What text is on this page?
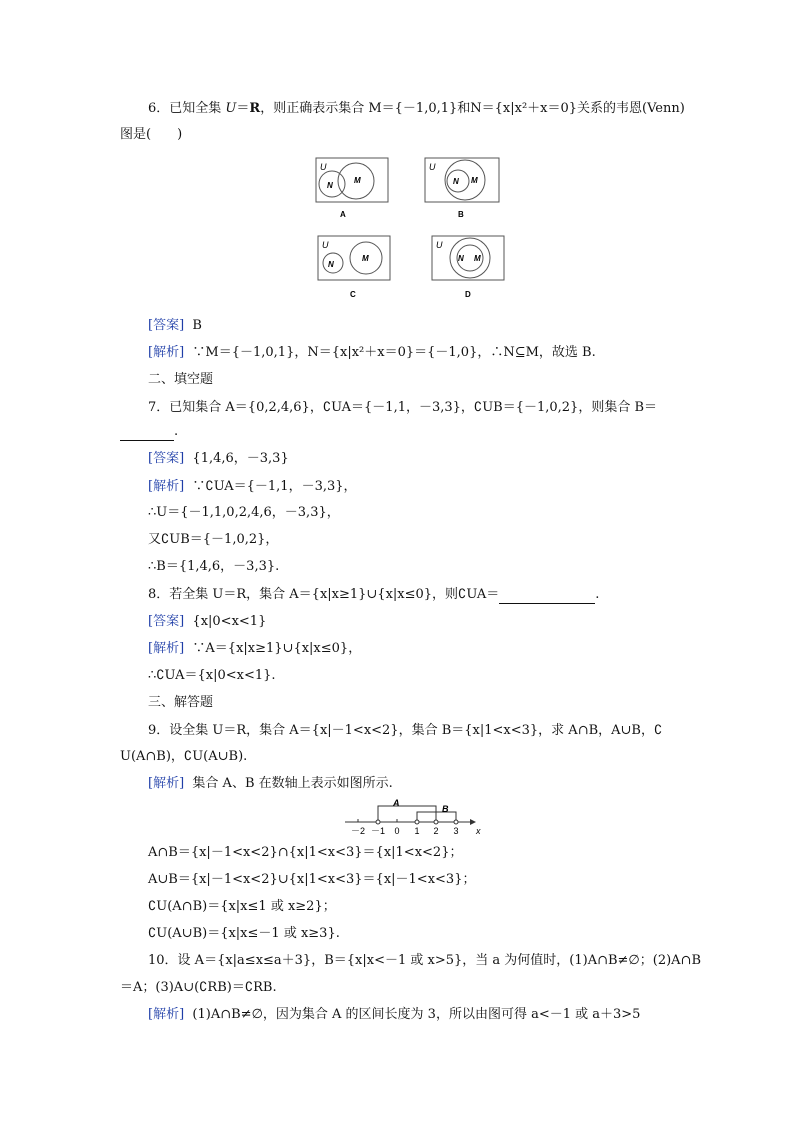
6．已知全集 U＝R，则正确表示集合 M＝{－1,0,1}和N＝{x|x²＋x＝0}关系的韦恩(Venn)
图是(　　)
U
N
M
A
U
N M
B
U
N
M
C
U
N M
D
[答案] B
[解析] ∵M＝{－1,0,1}，N＝{x|x²＋x＝0}＝{－1,0}，∴N⊆M，故选 B.
二、填空题
7．已知集合 A＝{0,2,4,6}，∁UA＝{－1,1，－3,3}，∁UB＝{－1,0,2}，则集合 B＝
.
[答案] {1,4,6，－3,3}
[解析] ∵∁UA＝{－1,1，－3,3}，
∴U＝{－1,1,0,2,4,6，－3,3}，
又∁UB＝{－1,0,2}，
∴B＝{1,4,6，－3,3}.
8．若全集 U＝R，集合 A＝{x|x≥1}∪{x|x≤0}，则∁UA＝	.
[答案] {x|0<x<1}
[解析] ∵A＝{x|x≥1}∪{x|x≤0}，
∴∁UA＝{x|0<x<1}.
三、解答题
9．设全集 U＝R，集合 A＝{x|－1<x<2}，集合 B＝{x|1<x<3}，求 A∩B，A∪B，∁
U(A∩B)，∁U(A∪B).
[解析] 集合 A、B 在数轴上表示如图所示.
A
B
－2 －1 0 1 2 3 x
A∩B＝{x|－1<x<2}∩{x|1<x<3}＝{x|1<x<2}；
A∪B＝{x|－1<x<2}∪{x|1<x<3}＝{x|－1<x<3}；
∁U(A∩B)＝{x|x≤1 或 x≥2}；
∁U(A∪B)＝{x|x≤－1 或 x≥3}.
10．设 A＝{x|a≤x≤a＋3}，B＝{x|x<－1 或 x>5}，当 a 为何值时，(1)A∩B≠∅；(2)A∩B
＝A；(3)A∪(∁RB)＝∁RB.
[解析] (1)A∩B≠∅，因为集合 A 的区间长度为 3，所以由图可得 a<－1 或 a＋3>5
